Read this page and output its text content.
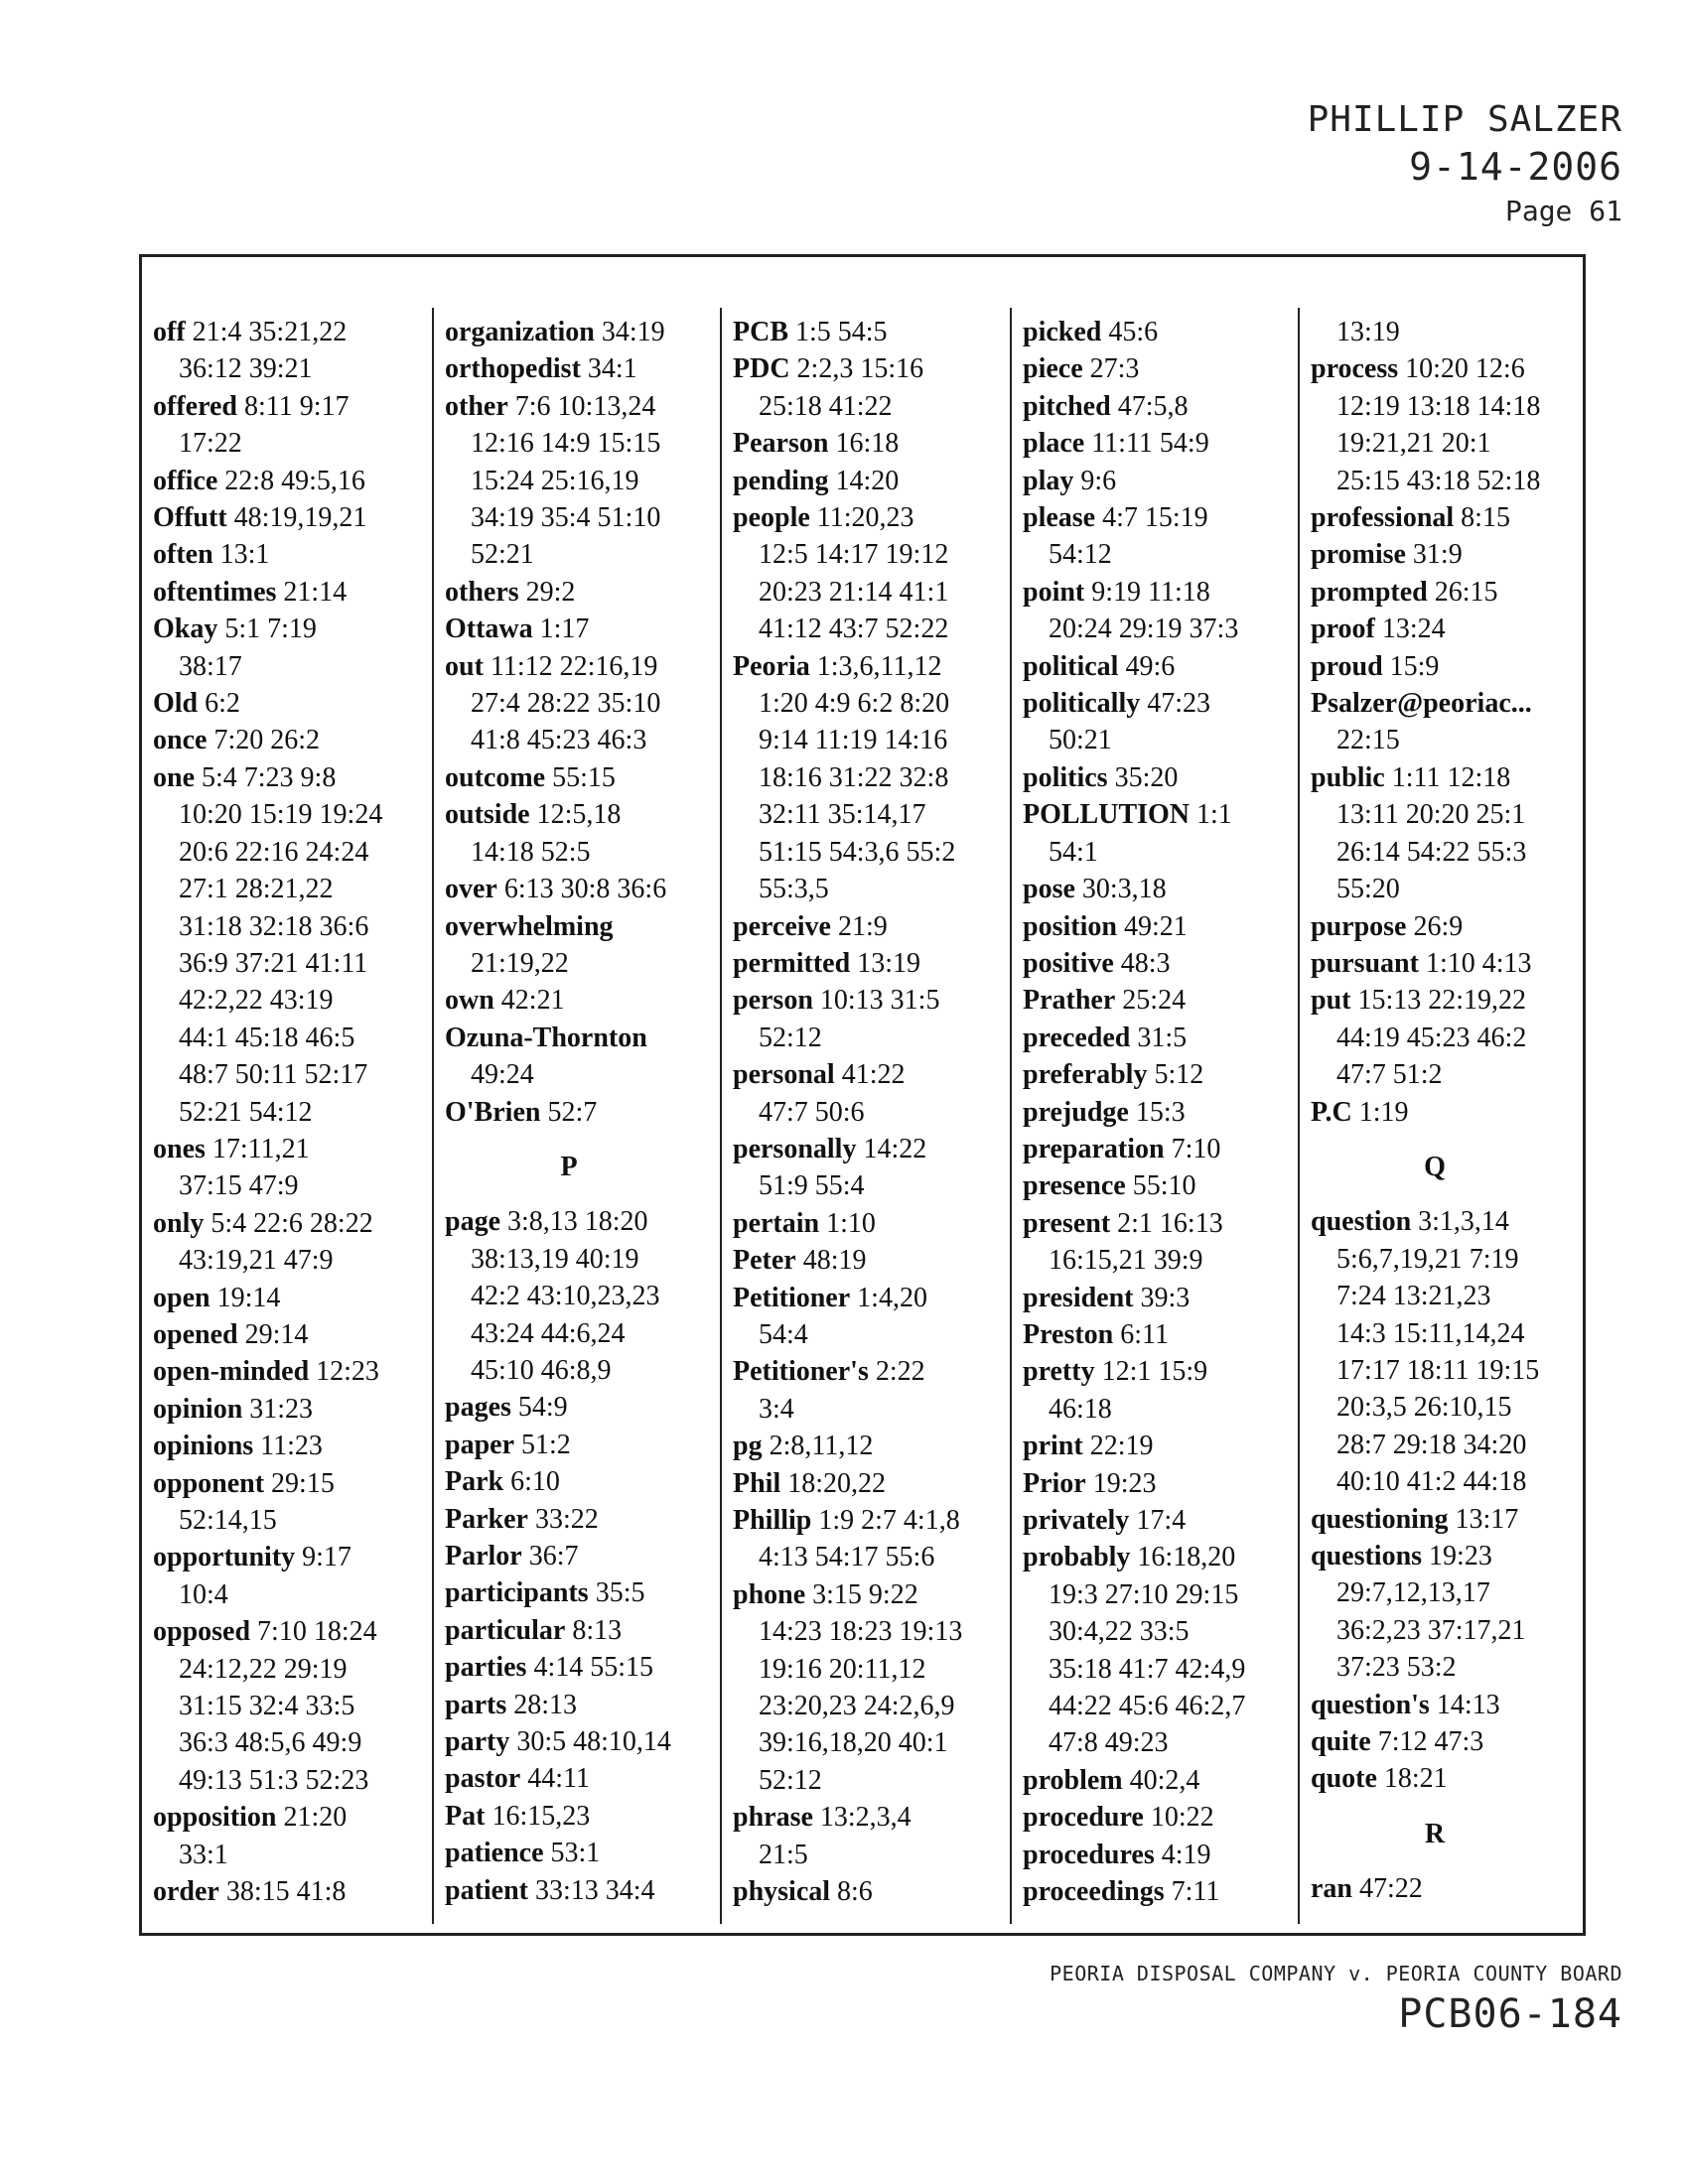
PHILLIP SALZER
9-14-2006
Page 61
off 21:4 35:21,22
36:12 39:21
offered 8:11 9:17
17:22
office 22:8 49:5,16
Offutt 48:19,19,21
often 13:1
oftentimes 21:14
Okay 5:1 7:19
38:17
Old 6:2
once 7:20 26:2
one 5:4 7:23 9:8
10:20 15:19 19:24
20:6 22:16 24:24
27:1 28:21,22
31:18 32:18 36:6
36:9 37:21 41:11
42:2,22 43:19
44:1 45:18 46:5
48:7 50:11 52:17
52:21 54:12
ones 17:11,21
37:15 47:9
only 5:4 22:6 28:22
43:19,21 47:9
open 19:14
opened 29:14
open-minded 12:23
opinion 31:23
opinions 11:23
opponent 29:15
52:14,15
opportunity 9:17
10:4
opposed 7:10 18:24
24:12,22 29:19
31:15 32:4 33:5
36:3 48:5,6 49:9
49:13 51:3 52:23
opposition 21:20
33:1
order 38:15 41:8
organization 34:19
orthopedist 34:1
other 7:6 10:13,24
12:16 14:9 15:15
15:24 25:16,19
34:19 35:4 51:10
52:21
others 29:2
Ottawa 1:17
out 11:12 22:16,19
27:4 28:22 35:10
41:8 45:23 46:3
outcome 55:15
outside 12:5,18
14:18 52:5
over 6:13 30:8 36:6
overwhelming
21:19,22
own 42:21
Ozuna-Thornton
49:24
O'Brien 52:7
P
page 3:8,13 18:20
38:13,19 40:19
42:2 43:10,23,23
43:24 44:6,24
45:10 46:8,9
pages 54:9
paper 51:2
Park 6:10
Parker 33:22
Parlor 36:7
participants 35:5
particular 8:13
parties 4:14 55:15
parts 28:13
party 30:5 48:10,14
pastor 44:11
Pat 16:15,23
patience 53:1
patient 33:13 34:4
PCB 1:5 54:5
PDC 2:2,3 15:16
25:18 41:22
Pearson 16:18
pending 14:20
people 11:20,23
12:5 14:17 19:12
20:23 21:14 41:1
41:12 43:7 52:22
Peoria 1:3,6,11,12
1:20 4:9 6:2 8:20
9:14 11:19 14:16
18:16 31:22 32:8
32:11 35:14,17
51:15 54:3,6 55:2
55:3,5
perceive 21:9
permitted 13:19
person 10:13 31:5
52:12
personal 41:22
47:7 50:6
personally 14:22
51:9 55:4
pertain 1:10
Peter 48:19
Petitioner 1:4,20
54:4
Petitioner's 2:22
3:4
pg 2:8,11,12
Phil 18:20,22
Phillip 1:9 2:7 4:1,8
4:13 54:17 55:6
phone 3:15 9:22
14:23 18:23 19:13
19:16 20:11,12
23:20,23 24:2,6,9
39:16,18,20 40:1
52:12
phrase 13:2,3,4
21:5
physical 8:6
picked 45:6
piece 27:3
pitched 47:5,8
place 11:11 54:9
play 9:6
please 4:7 15:19
54:12
point 9:19 11:18
20:24 29:19 37:3
political 49:6
politically 47:23
50:21
politics 35:20
POLLUTION 1:1
54:1
pose 30:3,18
position 49:21
positive 48:3
Prather 25:24
preceded 31:5
preferably 5:12
prejudge 15:3
preparation 7:10
presence 55:10
present 2:1 16:13
16:15,21 39:9
president 39:3
Preston 6:11
pretty 12:1 15:9
46:18
print 22:19
Prior 19:23
privately 17:4
probably 16:18,20
19:3 27:10 29:15
30:4,22 33:5
35:18 41:7 42:4,9
44:22 45:6 46:2,7
47:8 49:23
problem 40:2,4
procedure 10:22
procedures 4:19
proceedings 7:11
13:19
process 10:20 12:6
12:19 13:18 14:18
19:21,21 20:1
25:15 43:18 52:18
professional 8:15
promise 31:9
prompted 26:15
proof 13:24
proud 15:9
Psalzer@peoriac...
22:15
public 1:11 12:18
13:11 20:20 25:1
26:14 54:22 55:3
55:20
purpose 26:9
pursuant 1:10 4:13
put 15:13 22:19,22
44:19 45:23 46:2
47:7 51:2
P.C 1:19
Q
question 3:1,3,14
5:6,7,19,21 7:19
7:24 13:21,23
14:3 15:11,14,24
17:17 18:11 19:15
20:3,5 26:10,15
28:7 29:18 34:20
40:10 41:2 44:18
questioning 13:17
questions 19:23
29:7,12,13,17
36:2,23 37:17,21
37:23 53:2
question's 14:13
quite 7:12 47:3
quote 18:21
R
ran 47:22
PEORIA DISPOSAL COMPANY v. PEORIA COUNTY BOARD
PCB06-184
